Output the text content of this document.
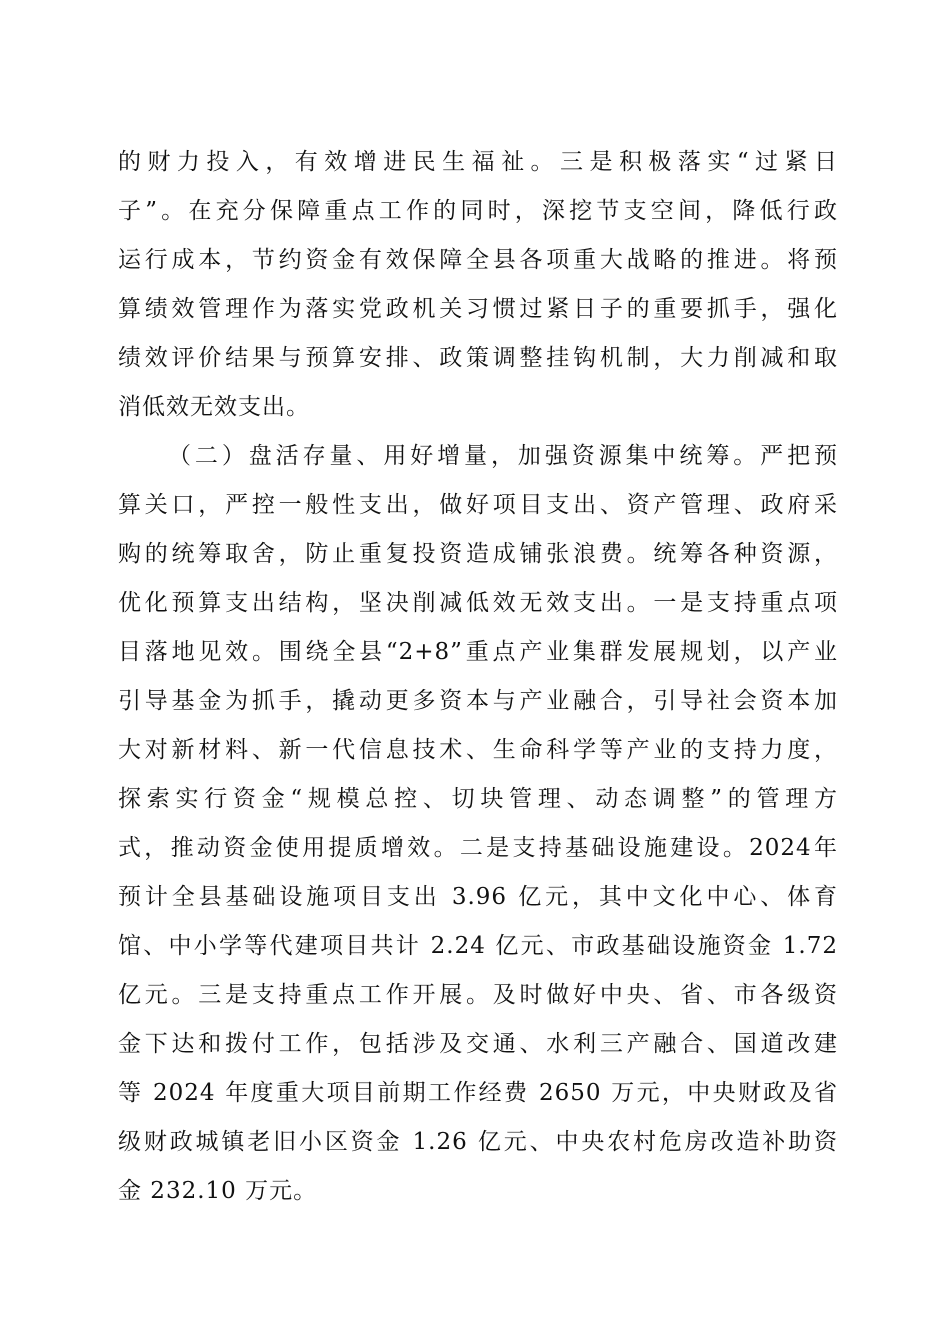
的财力投入，有效增进民生福祉。三是积极落实“过紧日
子”。在充分保障重点工作的同时，深挖节支空间，降低行政
运行成本，节约资金有效保障全县各项重大战略的推进。将预
算绩效管理作为落实党政机关习惯过紧日子的重要抓手，强化
绩效评价结果与预算安排、政策调整挂钩机制，大力削减和取
消低效无效支出。
（二）盘活存量、用好增量，加强资源集中统筹。严把预
算关口，严控一般性支出，做好项目支出、资产管理、政府采
购的统筹取舍，防止重复投资造成铺张浪费。统筹各种资源，
优化预算支出结构，坚决削减低效无效支出。一是支持重点项
目落地见效。围绕全县“2+8”重点产业集群发展规划，以产业
引导基金为抓手，撬动更多资本与产业融合，引导社会资本加
大对新材料、新一代信息技术、生命科学等产业的支持力度，
探索实行资金“规模总控、切块管理、动态调整”的管理方
式，推动资金使用提质增效。二是支持基础设施建设。2024年
预计全县基础设施项目支出 3.96 亿元，其中文化中心、体育
馆、中小学等代建项目共计 2.24 亿元、市政基础设施资金 1.72
亿元。三是支持重点工作开展。及时做好中央、省、市各级资
金下达和拨付工作，包括涉及交通、水利三产融合、国道改建
等 2024 年度重大项目前期工作经费 2650 万元，中央财政及省
级财政城镇老旧小区资金 1.26 亿元、中央农村危房改造补助资
金 232.10 万元。
